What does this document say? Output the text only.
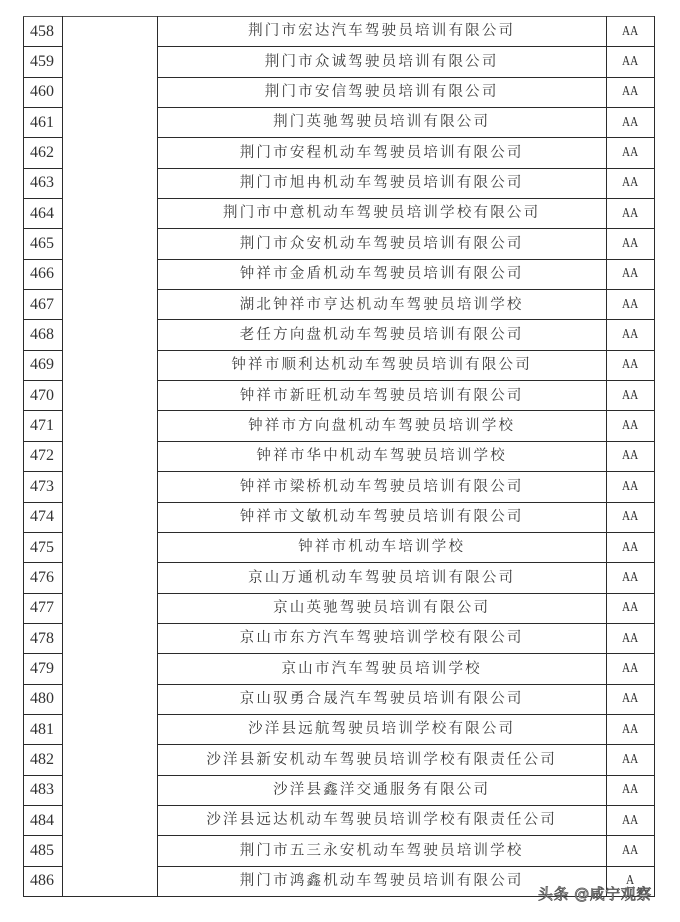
458		荆门市宏达汽车驾驶员培训有限公司	AA
459		荆门市众诚驾驶员培训有限公司	AA
460		荆门市安信驾驶员培训有限公司	AA
461		荆门英驰驾驶员培训有限公司	AA
462		荆门市安程机动车驾驶员培训有限公司	AA
463		荆门市旭冉机动车驾驶员培训有限公司	AA
464		荆门市中意机动车驾驶员培训学校有限公司	AA
465		荆门市众安机动车驾驶员培训有限公司	AA
466		钟祥市金盾机动车驾驶员培训有限公司	AA
467		湖北钟祥市亨达机动车驾驶员培训学校	AA
468		老任方向盘机动车驾驶员培训有限公司	AA
469		钟祥市顺利达机动车驾驶员培训有限公司	AA
470		钟祥市新旺机动车驾驶员培训有限公司	AA
471		钟祥市方向盘机动车驾驶员培训学校	AA
472		钟祥市华中机动车驾驶员培训学校	AA
473		钟祥市梁桥机动车驾驶员培训有限公司	AA
474		钟祥市文敏机动车驾驶员培训有限公司	AA
475		钟祥市机动车培训学校	AA
476		京山万通机动车驾驶员培训有限公司	AA
477		京山英驰驾驶员培训有限公司	AA
478		京山市东方汽车驾驶培训学校有限公司	AA
479		京山市汽车驾驶员培训学校	AA
480		京山驭勇合晟汽车驾驶员培训有限公司	AA
481		沙洋县远航驾驶员培训学校有限公司	AA
482		沙洋县新安机动车驾驶员培训学校有限责任公司	AA
483		沙洋县鑫洋交通服务有限公司	AA
484		沙洋县远达机动车驾驶员培训学校有限责任公司	AA
485		荆门市五三永安机动车驾驶员培训学校	AA
486		荆门市鸿鑫机动车驾驶员培训有限公司	A
头条 @咸宁观察
